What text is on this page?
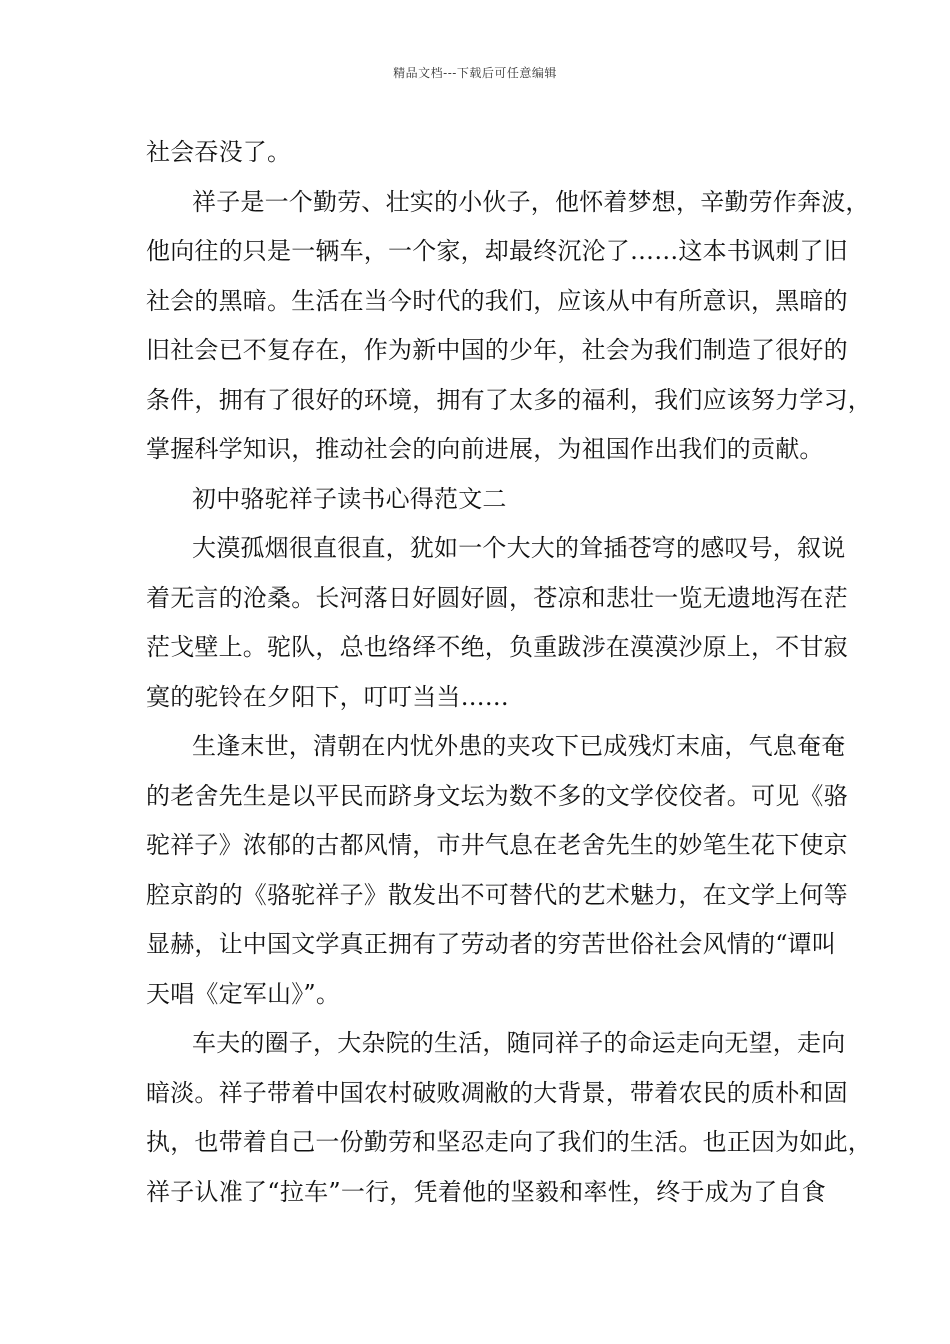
精品文档---下载后可任意编辑
社会吞没了。
祥子是一个勤劳、壮实的小伙子，他怀着梦想，辛勤劳作奔波，
他向往的只是一辆车，一个家，却最终沉沦了……这本书讽刺了旧
社会的黑暗。生活在当今时代的我们，应该从中有所意识，黑暗的
旧社会已不复存在，作为新中国的少年，社会为我们制造了很好的
条件，拥有了很好的环境，拥有了太多的福利，我们应该努力学习，
掌握科学知识，推动社会的向前进展，为祖国作出我们的贡献。
初中骆驼祥子读书心得范文二
大漠孤烟很直很直，犹如一个大大的耸插苍穹的感叹号，叙说
着无言的沧桑。长河落日好圆好圆，苍凉和悲壮一览无遗地泻在茫
茫戈壁上。驼队，总也络绎不绝，负重跋涉在漠漠沙原上，不甘寂
寞的驼铃在夕阳下，叮叮当当……
生逢末世，清朝在内忧外患的夹攻下已成残灯末庙，气息奄奄
的老舍先生是以平民而跻身文坛为数不多的文学佼佼者。可见《骆
驼祥子》浓郁的古都风情，市井气息在老舍先生的妙笔生花下使京
腔京韵的《骆驼祥子》散发出不可替代的艺术魅力，在文学上何等
显赫，让中国文学真正拥有了劳动者的穷苦世俗社会风情的“谭叫
天唱《定军山》”。
车夫的圈子，大杂院的生活，随同祥子的命运走向无望，走向
暗淡。祥子带着中国农村破败凋敝的大背景，带着农民的质朴和固
执，也带着自己一份勤劳和坚忍走向了我们的生活。也正因为如此，
祥子认准了“拉车”一行，凭着他的坚毅和率性，终于成为了自食
